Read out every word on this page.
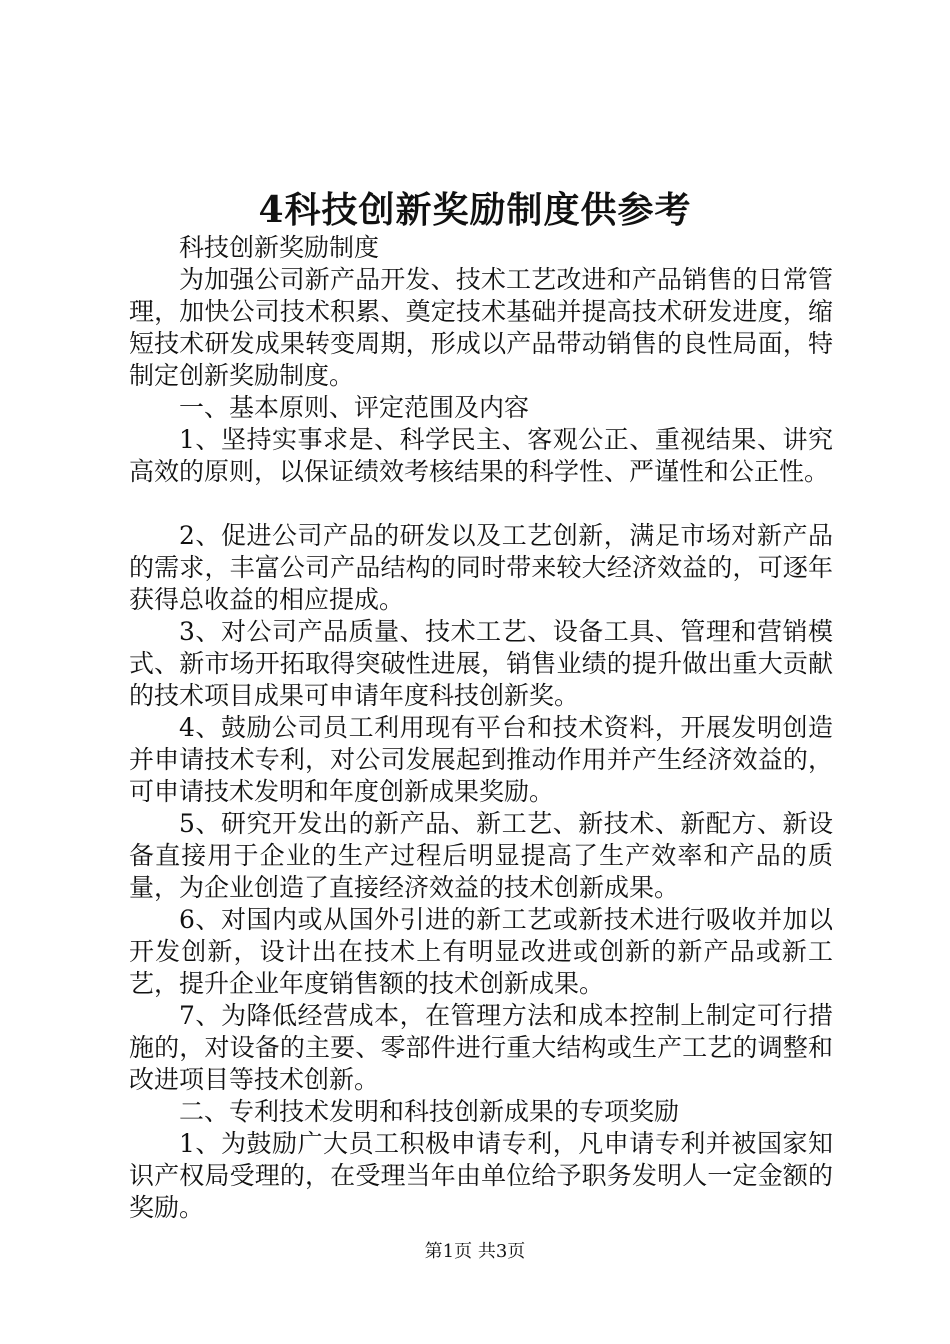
4科技创新奖励制度供参考

科技创新奖励制度

为加强公司新产品开发、技术工艺改进和产品销售的日常管理，加快公司技术积累、奠定技术基础并提高技术研发进度，缩短技术研发成果转变周期，形成以产品带动销售的良性局面，特制定创新奖励制度。

一、基本原则、评定范围及内容

1、坚持实事求是、科学民主、客观公正、重视结果、讲究高效的原则，以保证绩效考核结果的科学性、严谨性和公正性。

2、促进公司产品的研发以及工艺创新，满足市场对新产品的需求，丰富公司产品结构的同时带来较大经济效益的，可逐年获得总收益的相应提成。

3、对公司产品质量、技术工艺、设备工具、管理和营销模式、新市场开拓取得突破性进展，销售业绩的提升做出重大贡献的技术项目成果可申请年度科技创新奖。

4、鼓励公司员工利用现有平台和技术资料，开展发明创造并申请技术专利，对公司发展起到推动作用并产生经济效益的，可申请技术发明和年度创新成果奖励。

5、研究开发出的新产品、新工艺、新技术、新配方、新设备直接用于企业的生产过程后明显提高了生产效率和产品的质量，为企业创造了直接经济效益的技术创新成果。

6、对国内或从国外引进的新工艺或新技术进行吸收并加以开发创新，设计出在技术上有明显改进或创新的新产品或新工艺，提升企业年度销售额的技术创新成果。

7、为降低经营成本，在管理方法和成本控制上制定可行措施的，对设备的主要、零部件进行重大结构或生产工艺的调整和改进项目等技术创新。

二、专利技术发明和科技创新成果的专项奖励

1、为鼓励广大员工积极申请专利，凡申请专利并被国家知识产权局受理的，在受理当年由单位给予职务发明人一定金额的奖励。

第1页 共3页
